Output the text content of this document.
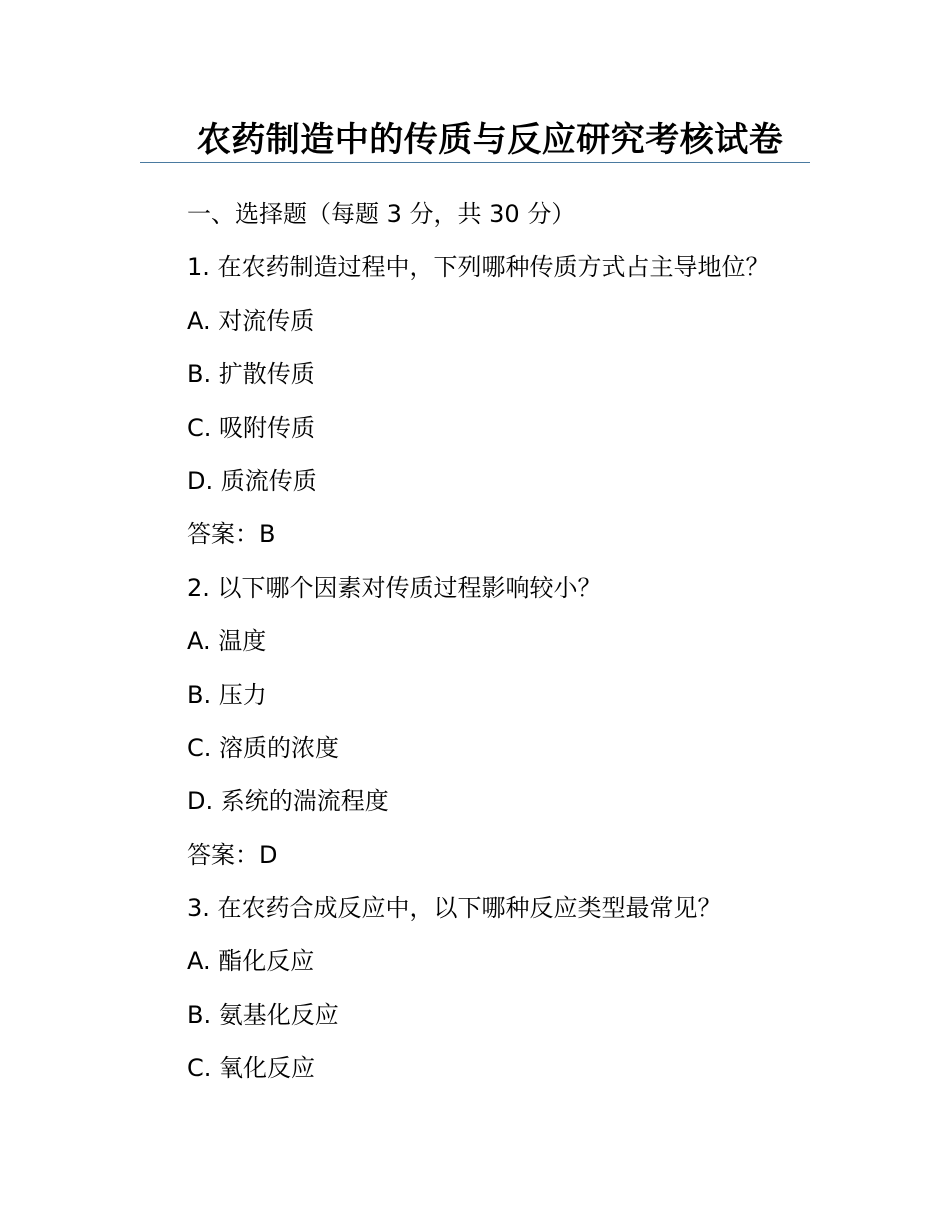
农药制造中的传质与反应研究考核试卷
一、选择题（每题 3 分，共 30 分）
1. 在农药制造过程中，下列哪种传质方式占主导地位？
A. 对流传质
B. 扩散传质
C. 吸附传质
D. 质流传质
答案：B
2. 以下哪个因素对传质过程影响较小？
A. 温度
B. 压力
C. 溶质的浓度
D. 系统的湍流程度
答案：D
3. 在农药合成反应中，以下哪种反应类型最常见？
A. 酯化反应
B. 氨基化反应
C. 氧化反应
